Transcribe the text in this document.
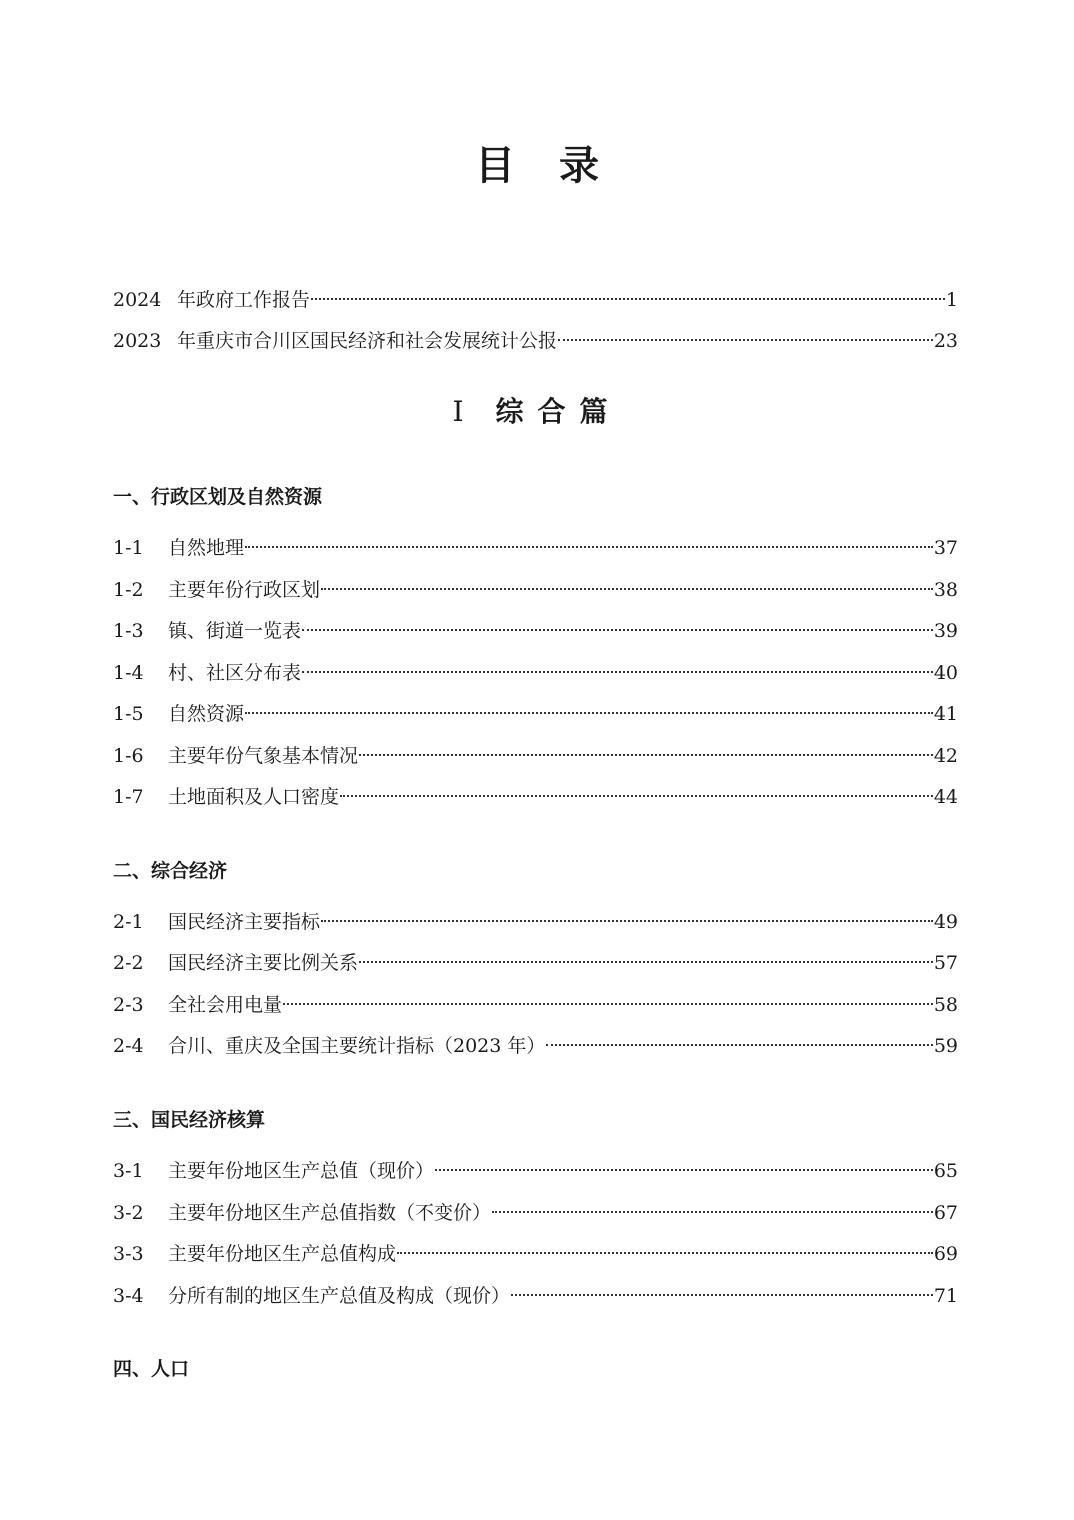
目录
2024 年政府工作报告	1
2023 年重庆市合川区国民经济和社会发展统计公报	23
I 综合篇
一、行政区划及自然资源
1-1	自然地理	37
1-2	主要年份行政区划	38
1-3	镇、街道一览表	39
1-4	村、社区分布表	40
1-5	自然资源	41
1-6	主要年份气象基本情况	42
1-7	土地面积及人口密度	44
二、综合经济
2-1	国民经济主要指标	49
2-2	国民经济主要比例关系	57
2-3	全社会用电量	58
2-4	合川、重庆及全国主要统计指标（2023 年）	59
三、国民经济核算
3-1	主要年份地区生产总值（现价）	65
3-2	主要年份地区生产总值指数（不变价）	67
3-3	主要年份地区生产总值构成	69
3-4	分所有制的地区生产总值及构成（现价）	71
四、人口
